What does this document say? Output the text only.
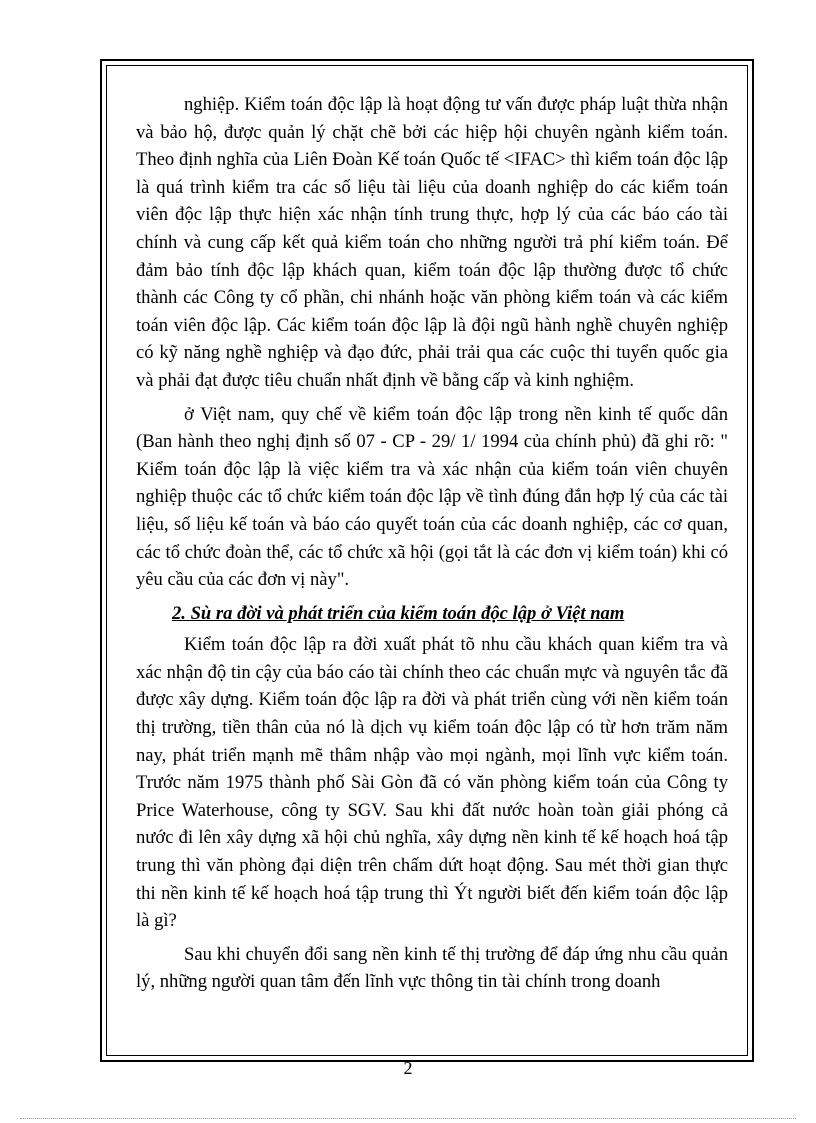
nghiệp. Kiểm toán độc lập là hoạt động tư vấn được pháp luật thừa nhận và bảo hộ, được quản lý chặt chẽ bởi các hiệp hội chuyên ngành kiểm toán. Theo định nghĩa của Liên Đoàn Kế toán Quốc tế <IFAC> thì kiểm toán độc lập là quá trình kiểm tra các số liệu tài liệu của doanh nghiệp do các kiểm toán viên độc lập thực hiện xác nhận tính trung thực, hợp lý của các báo cáo tài chính và cung cấp kết quả kiểm toán cho những người trả phí kiểm toán. Để đảm bảo tính độc lập khách quan, kiểm toán độc lập thường được tổ chức thành các Công ty cổ phần, chi nhánh hoặc văn phòng kiểm toán và các kiểm toán viên độc lập. Các kiểm toán độc lập là đội ngũ hành nghề chuyên nghiệp có kỹ năng nghề nghiệp và đạo đức, phải trải qua các cuộc thi tuyển quốc gia và phải đạt được tiêu chuẩn nhất định về bằng cấp và kinh nghiệm.

ở Việt nam, quy chế về kiểm toán độc lập trong nền kinh tế quốc dân (Ban hành theo nghị định số 07 - CP - 29/ 1/ 1994 của chính phủ) đã ghi rõ: " Kiểm toán độc lập là việc kiểm tra và xác nhận của kiểm toán viên chuyên nghiệp thuộc các tổ chức kiểm toán độc lập về tình đúng đắn hợp lý của các tài liệu, số liệu kế toán và báo cáo quyết toán của các doanh nghiệp, các cơ quan, các tổ chức đoàn thể, các tổ chức xã hội (gọi tắt là các đơn vị kiểm toán) khi có yêu cầu của các đơn vị này".

2. Sù ra đời và phát triển của kiểm toán độc lập ở Việt nam

Kiểm toán độc lập ra đời xuất phát tõ nhu cầu khách quan kiểm tra và xác nhận độ tin cậy của báo cáo tài chính theo các chuẩn mực và nguyên tắc đã được xây dựng. Kiểm toán độc lập ra đời và phát triển cùng với nền kiểm toán thị trường, tiền thân của nó là dịch vụ kiểm toán độc lập có từ hơn trăm năm nay, phát triển mạnh mẽ thâm nhập vào mọi ngành, mọi lĩnh vực kiểm toán. Trước năm 1975 thành phố Sài Gòn đã có văn phòng kiểm toán của Công ty Price Waterhouse, công ty SGV. Sau khi đất nước hoàn toàn giải phóng cả nước đi lên xây dựng xã hội chủ nghĩa, xây dựng nền kinh tế kế hoạch hoá tập trung thì văn phòng đại diện trên chấm dứt hoạt động. Sau mét thời gian thực thi nền kinh tế kế hoạch hoá tập trung thì Ýt người biết đến kiểm toán độc lập là gì?

Sau khi chuyển đổi sang nền kinh tế thị trường để đáp ứng nhu cầu quản lý, những người quan tâm đến lĩnh vực thông tin tài chính trong doanh

2
